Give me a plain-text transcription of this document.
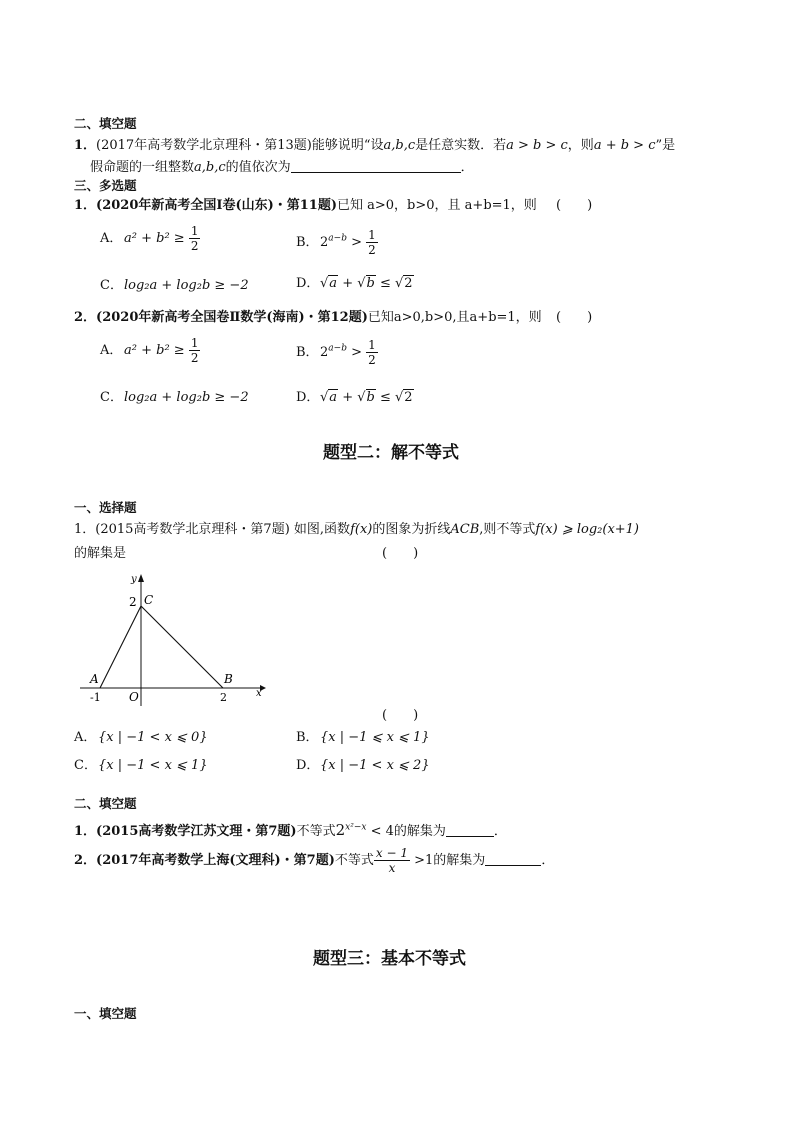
二、填空题
1．(2017年高考数学北京理科・第13题)能够说明“设a,b,c是任意实数．若a > b > c，则a + b > c”是
假命题的一组整数a,b,c的值依次为	．
三、多选题
1．(2020年新高考全国Ⅰ卷(山东)・第11题)已知 a>0，b>0，且 a+b=1，则 (　　)
A． $a^2 + b^2 \ge \frac{1}{2}$	B．$2^{a-b} > \frac{1}{2}$
C．log₂a + log₂b ≥ −2	D．√a + √b ≤ √2
2．(2020年新高考全国卷Ⅱ数学(海南)・第12题)已知a>0,b>0,且a+b=1，则 (　　)
A． $a^2 + b^2 \ge \frac{1}{2}$	B．$2^{a-b} > \frac{1}{2}$
C．log₂a + log₂b ≥ −2	D．√a + √b ≤ √2
题型二：解不等式
一、选择题
1．(2015高考数学北京理科・第7题) 如图,函数f(x)的图象为折线ACB,则不等式f(x) ⩾ log₂(x+1)
的解集是	(　　)
y
x
C
2
A	B
O
-1	2
(　　)
A． {x | −1 < x ⩽ 0}	B．{x | −1 ⩽ x ⩽ 1}
C．{x | −1 < x ⩽ 1}	D．{x | −1 < x ⩽ 2}
二、填空题
1．(2015高考数学江苏文理・第7题)不等式$2^{x^2-x} < 4$的解集为	．
2．(2017年高考数学上海(文理科)・第7题)不等式 $\frac{x - 1}{x} >1$的解集为	．
题型三：基本不等式
一、填空题
